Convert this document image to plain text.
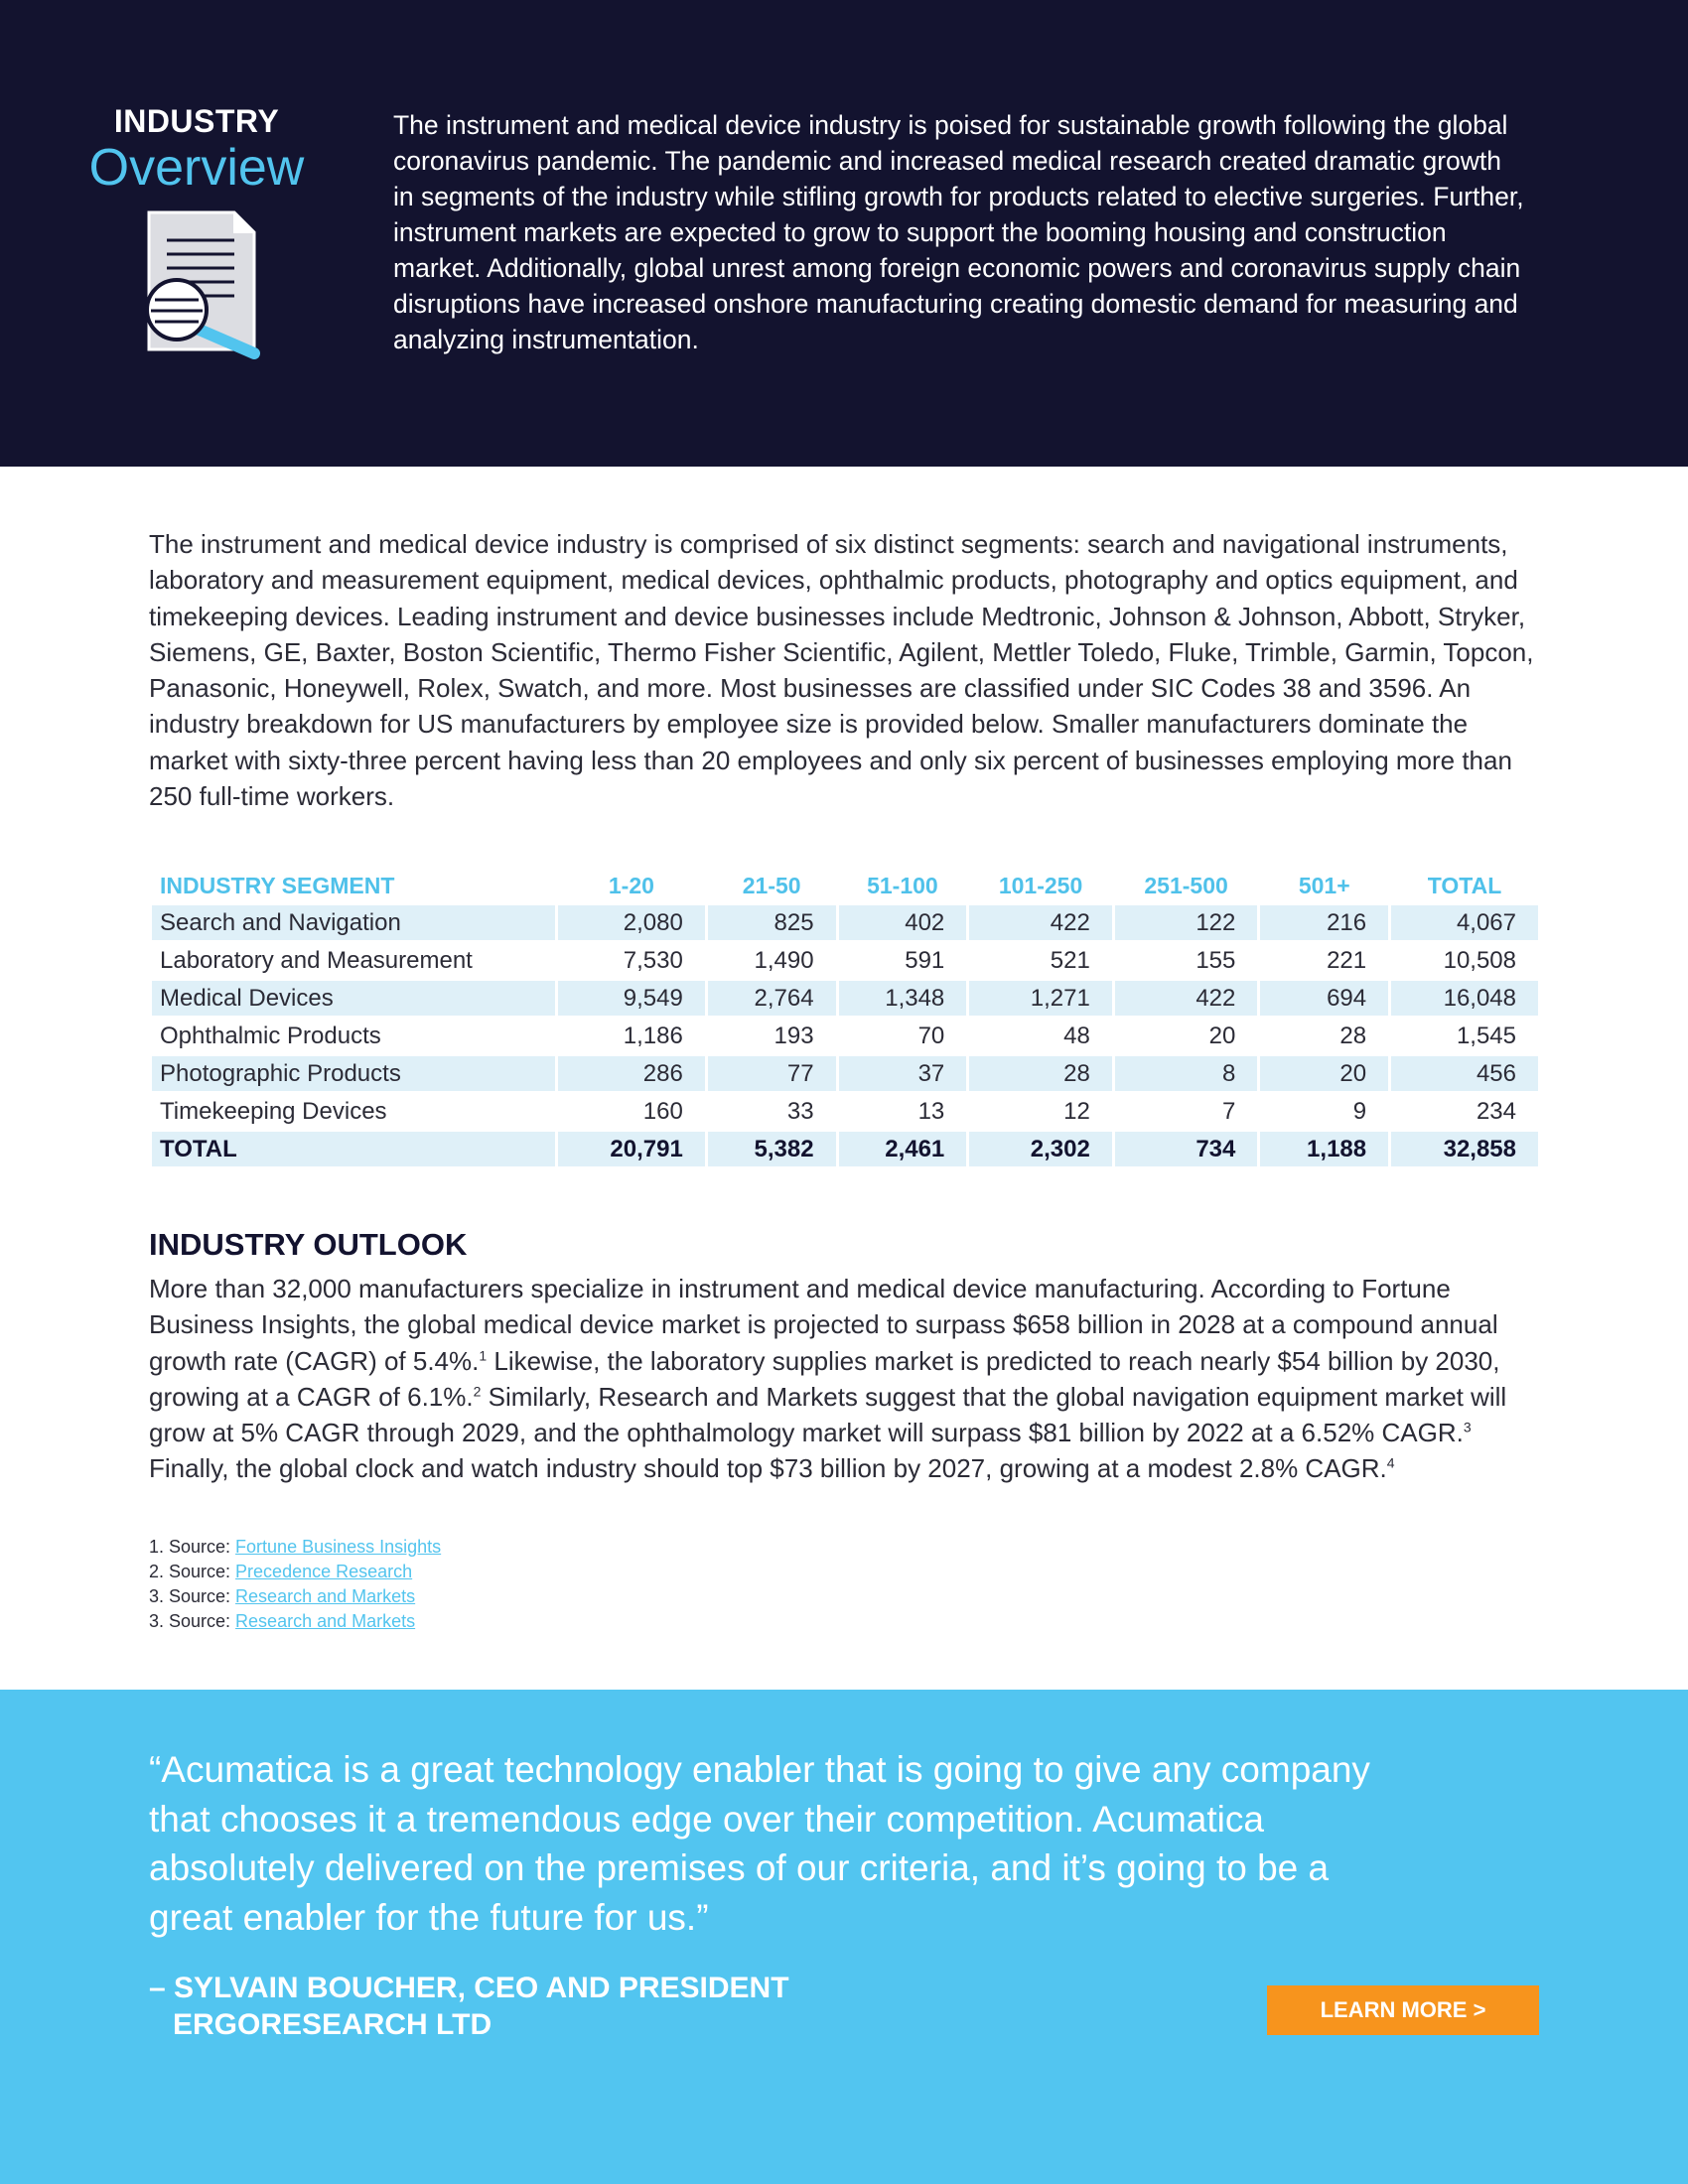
INDUSTRY
Overview

The instrument and medical device industry is poised for sustainable growth following the global coronavirus pandemic. The pandemic and increased medical research created dramatic growth in segments of the industry while stifling growth for products related to elective surgeries. Further, instrument markets are expected to grow to support the booming housing and construction market. Additionally, global unrest among foreign economic powers and coronavirus supply chain disruptions have increased onshore manufacturing creating domestic demand for measuring and analyzing instrumentation.

The instrument and medical device industry is comprised of six distinct segments: search and navigational instruments, laboratory and measurement equipment, medical devices, ophthalmic products, photography and optics equipment, and timekeeping devices. Leading instrument and device businesses include Medtronic, Johnson & Johnson, Abbott, Stryker, Siemens, GE, Baxter, Boston Scientific, Thermo Fisher Scientific, Agilent, Mettler Toledo, Fluke, Trimble, Garmin, Topcon, Panasonic, Honeywell, Rolex, Swatch, and more. Most businesses are classified under SIC Codes 38 and 3596. An industry breakdown for US manufacturers by employee size is provided below. Smaller manufacturers dominate the market with sixty-three percent having less than 20 employees and only six percent of businesses employing more than 250 full-time workers.

INDUSTRY SEGMENT	1-20	21-50	51-100	101-250	251-500	501+	TOTAL
Search and Navigation	2,080	825	402	422	122	216	4,067
Laboratory and Measurement	7,530	1,490	591	521	155	221	10,508
Medical Devices	9,549	2,764	1,348	1,271	422	694	16,048
Ophthalmic Products	1,186	193	70	48	20	28	1,545
Photographic Products	286	77	37	28	8	20	456
Timekeeping Devices	160	33	13	12	7	9	234
TOTAL	20,791	5,382	2,461	2,302	734	1,188	32,858
INDUSTRY OUTLOOK

More than 32,000 manufacturers specialize in instrument and medical device manufacturing. According to Fortune Business Insights, the global medical device market is projected to surpass $658 billion in 2028 at a compound annual growth rate (CAGR) of 5.4%.$^1$ Likewise, the laboratory supplies market is predicted to reach nearly $54 billion by 2030, growing at a CAGR of 6.1%.$^2$ Similarly, Research and Markets suggest that the global navigation equipment market will grow at 5% CAGR through 2029, and the ophthalmology market will surpass $81 billion by 2022 at a 6.52% CAGR.$^3$ Finally, the global clock and watch industry should top $73 billion by 2027, growing at a modest 2.8% CAGR.$^4$

1. Source: Fortune Business Insights
2. Source: Precedence Research
3. Source: Research and Markets
3. Source: Research and Markets
“Acumatica is a great technology enabler that is going to give any company that chooses it a tremendous edge over their competition. Acumatica absolutely delivered on the premises of our criteria, and it’s going to be a great enabler for the future for us.”
– SYLVAIN BOUCHER, CEO AND PRESIDENT
ERGORESEARCH LTD	LEARN MORE >
